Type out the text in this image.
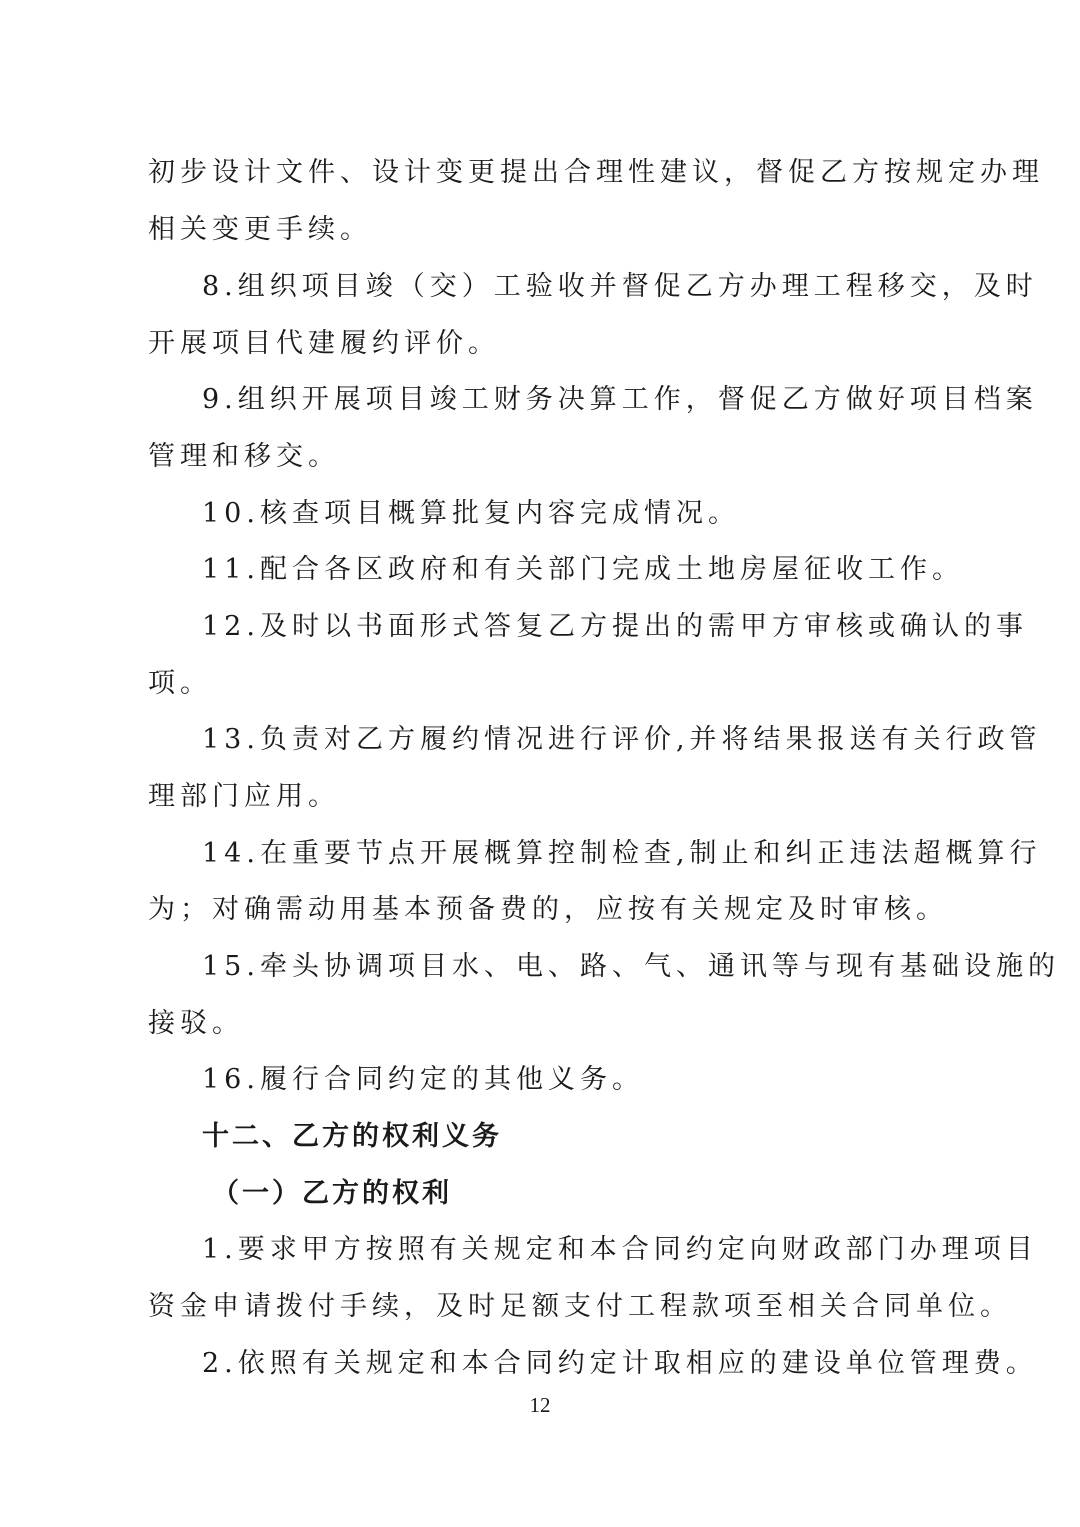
初步设计文件、设计变更提出合理性建议，督促乙方按规定办理
相关变更手续。
8.组织项目竣（交）工验收并督促乙方办理工程移交，及时
开展项目代建履约评价。
9.组织开展项目竣工财务决算工作，督促乙方做好项目档案
管理和移交。
10.核查项目概算批复内容完成情况。
11.配合各区政府和有关部门完成土地房屋征收工作。
12.及时以书面形式答复乙方提出的需甲方审核或确认的事
项。
13.负责对乙方履约情况进行评价,并将结果报送有关行政管
理部门应用。
14.在重要节点开展概算控制检查,制止和纠正违法超概算行
为；对确需动用基本预备费的，应按有关规定及时审核。
15.牵头协调项目水、电、路、气、通讯等与现有基础设施的
接驳。
16.履行合同约定的其他义务。
十二、乙方的权利义务
（一）乙方的权利
1.要求甲方按照有关规定和本合同约定向财政部门办理项目
资金申请拨付手续，及时足额支付工程款项至相关合同单位。
2.依照有关规定和本合同约定计取相应的建设单位管理费。
12
